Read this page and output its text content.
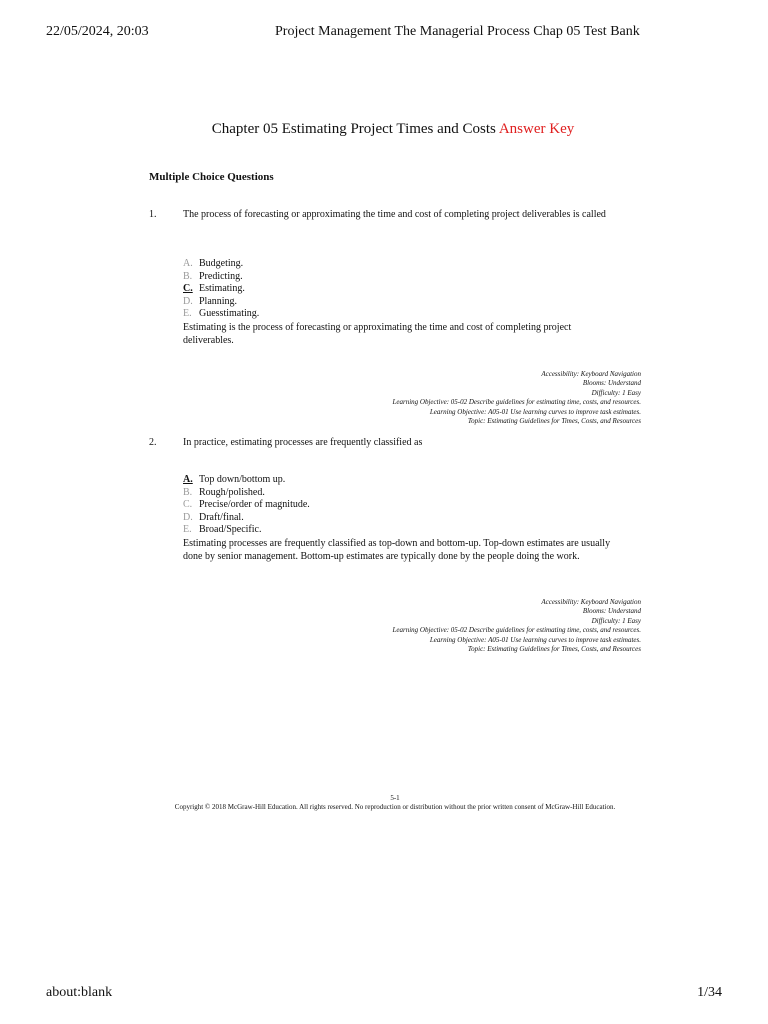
22/05/2024, 20:03	Project Management The Managerial Process Chap 05 Test Bank
Chapter 05 Estimating Project Times and Costs Answer Key
Multiple Choice Questions
1.	The process of forecasting or approximating the time and cost of completing project deliverables is called
A. Budgeting.
B. Predicting.
C. Estimating.
D. Planning.
E. Guesstimating.
Estimating is the process of forecasting or approximating the time and cost of completing project deliverables.
Accessibility: Keyboard Navigation
Blooms: Understand
Difficulty: 1 Easy
Learning Objective: 05-02 Describe guidelines for estimating time, costs, and resources.
Learning Objective: A05-01 Use learning curves to improve task estimates.
Topic: Estimating Guidelines for Times, Costs, and Resources
2.	In practice, estimating processes are frequently classified as
A. Top down/bottom up.
B. Rough/polished.
C. Precise/order of magnitude.
D. Draft/final.
E. Broad/Specific.
Estimating processes are frequently classified as top-down and bottom-up. Top-down estimates are usually done by senior management. Bottom-up estimates are typically done by the people doing the work.
Accessibility: Keyboard Navigation
Blooms: Understand
Difficulty: 1 Easy
Learning Objective: 05-02 Describe guidelines for estimating time, costs, and resources.
Learning Objective: A05-01 Use learning curves to improve task estimates.
Topic: Estimating Guidelines for Times, Costs, and Resources
5-1
Copyright © 2018 McGraw-Hill Education. All rights reserved. No reproduction or distribution without the prior written consent of McGraw-Hill Education.
about:blank	1/34
